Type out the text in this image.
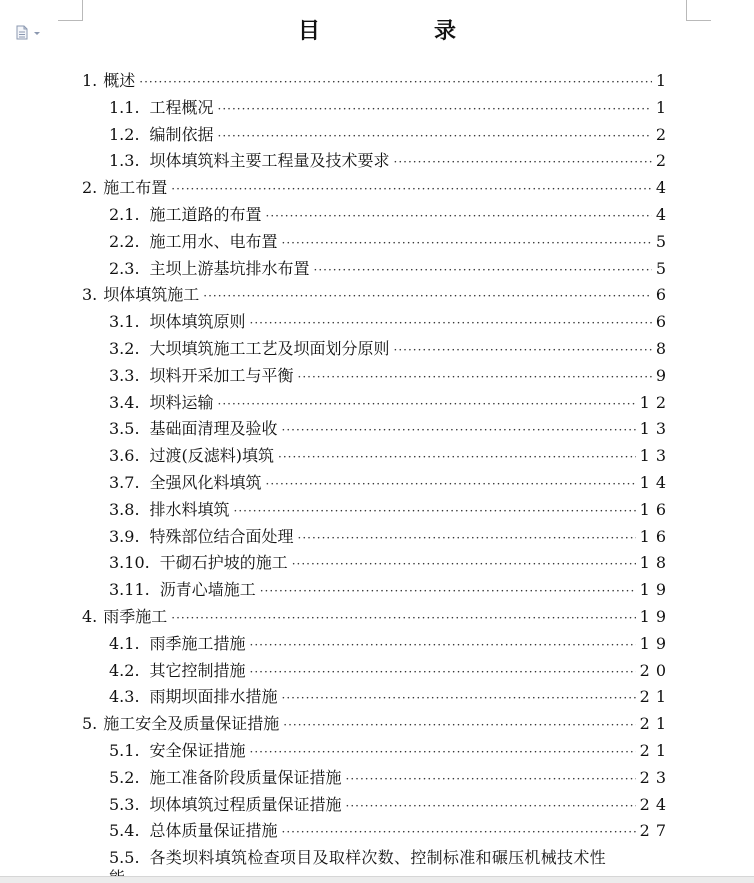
目　录
1. 概述 ·····	1
1.1. 工程概况 ·····	1
1.2. 编制依据 ·····	2
1.3. 坝体填筑料主要工程量及技术要求 ·····	2
2. 施工布置 ·····	4
2.1. 施工道路的布置 ·····	4
2.2. 施工用水、电布置 ·····	5
2.3. 主坝上游基坑排水布置 ·····	5
3. 坝体填筑施工 ·····	6
3.1. 坝体填筑原则 ·····	6
3.2. 大坝填筑施工工艺及坝面划分原则 ·····	8
3.3. 坝料开采加工与平衡 ·····	9
3.4. 坝料运输 ·····	12
3.5. 基础面清理及验收 ·····	13
3.6. 过渡(反滤料)填筑 ·····	13
3.7. 全强风化料填筑 ·····	14
3.8. 排水料填筑 ·····	16
3.9. 特殊部位结合面处理 ·····	16
3.10. 干砌石护坡的施工 ·····	18
3.11. 沥青心墙施工 ·····	19
4. 雨季施工 ·····	19
4.1. 雨季施工措施 ·····	19
4.2. 其它控制措施 ·····	20
4.3. 雨期坝面排水措施 ·····	21
5. 施工安全及质量保证措施 ·····	21
5.1. 安全保证措施 ·····	21
5.2. 施工准备阶段质量保证措施 ·····	23
5.3. 坝体填筑过程质量保证措施 ·····	24
5.4. 总体质量保证措施 ·····	27
5.5. 各类坝料填筑检查项目及取样次数、控制标准和碾压机械技术性
